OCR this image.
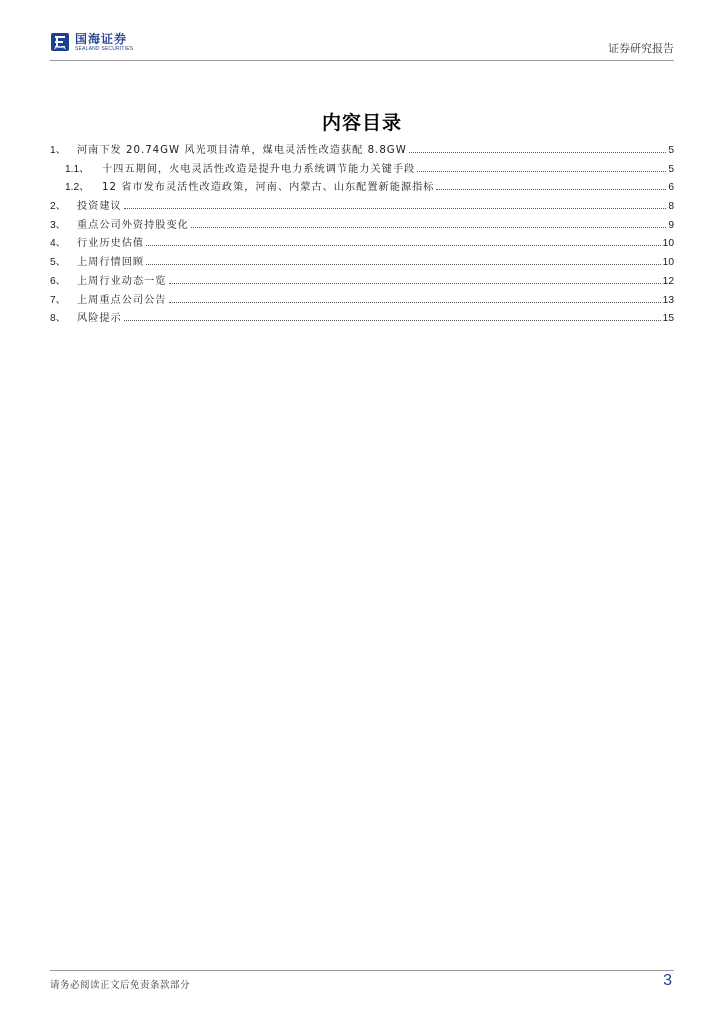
国海证券
SEALAND SECURITIES	证券研究报告
内容目录
1、	河南下发 20.74GW 风光项目清单，煤电灵活性改造获配 8.8GW	5
1.1、	十四五期间，火电灵活性改造是提升电力系统调节能力关键手段	5
1.2、	12 省市发布灵活性改造政策，河南、内蒙古、山东配置新能源指标	6
2、	投资建议	8
3、	重点公司外资持股变化	9
4、	行业历史估值	10
5、	上周行情回顾	10
6、	上周行业动态一览	12
7、	上周重点公司公告	13
8、	风险提示	15
请务必阅读正文后免责条款部分	3
